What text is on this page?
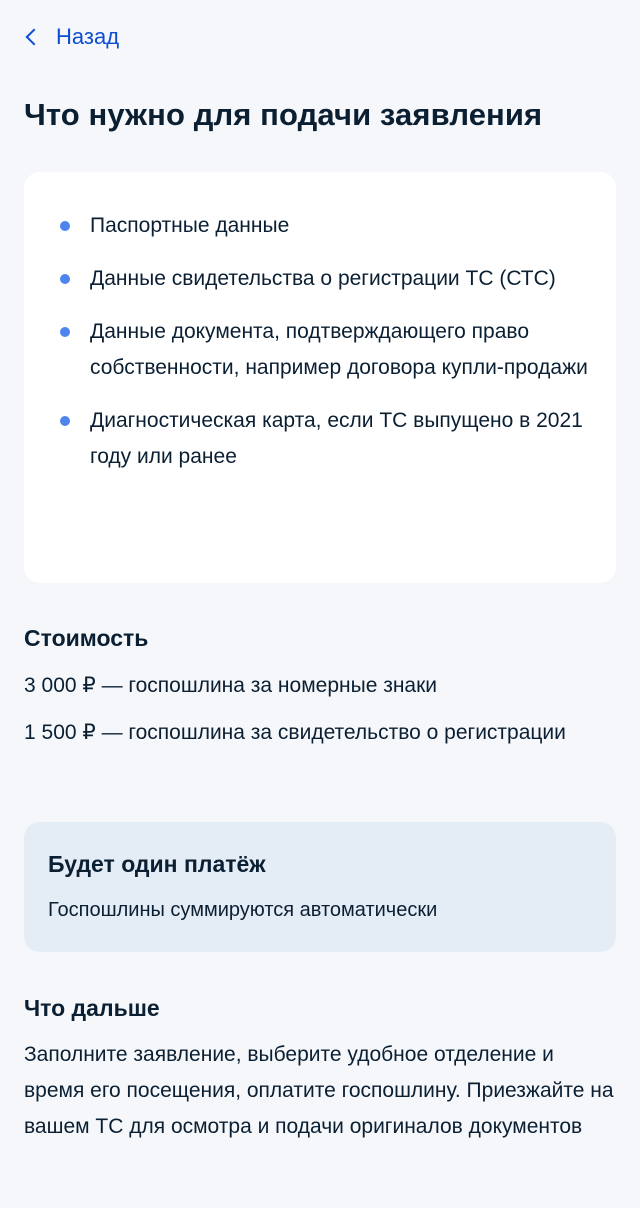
Назад
Что нужно для подачи заявления
Паспортные данные
Данные свидетельства о регистрации ТС (СТС)
Данные документа, подтверждающего право собственности, например договора купли-продажи
Диагностическая карта, если ТС выпущено в 2021 году или ранее
Стоимость

3 000 ₽ — госпошлина за номерные знаки

1 500 ₽ — госпошлина за свидетельство о регистрации

Будет один платёж

Госпошлины суммируются автоматически

Что дальше

Заполните заявление, выберите удобное отделение и время его посещения, оплатите госпошлину. Приезжайте на вашем ТС для осмотра и подачи оригиналов документов
